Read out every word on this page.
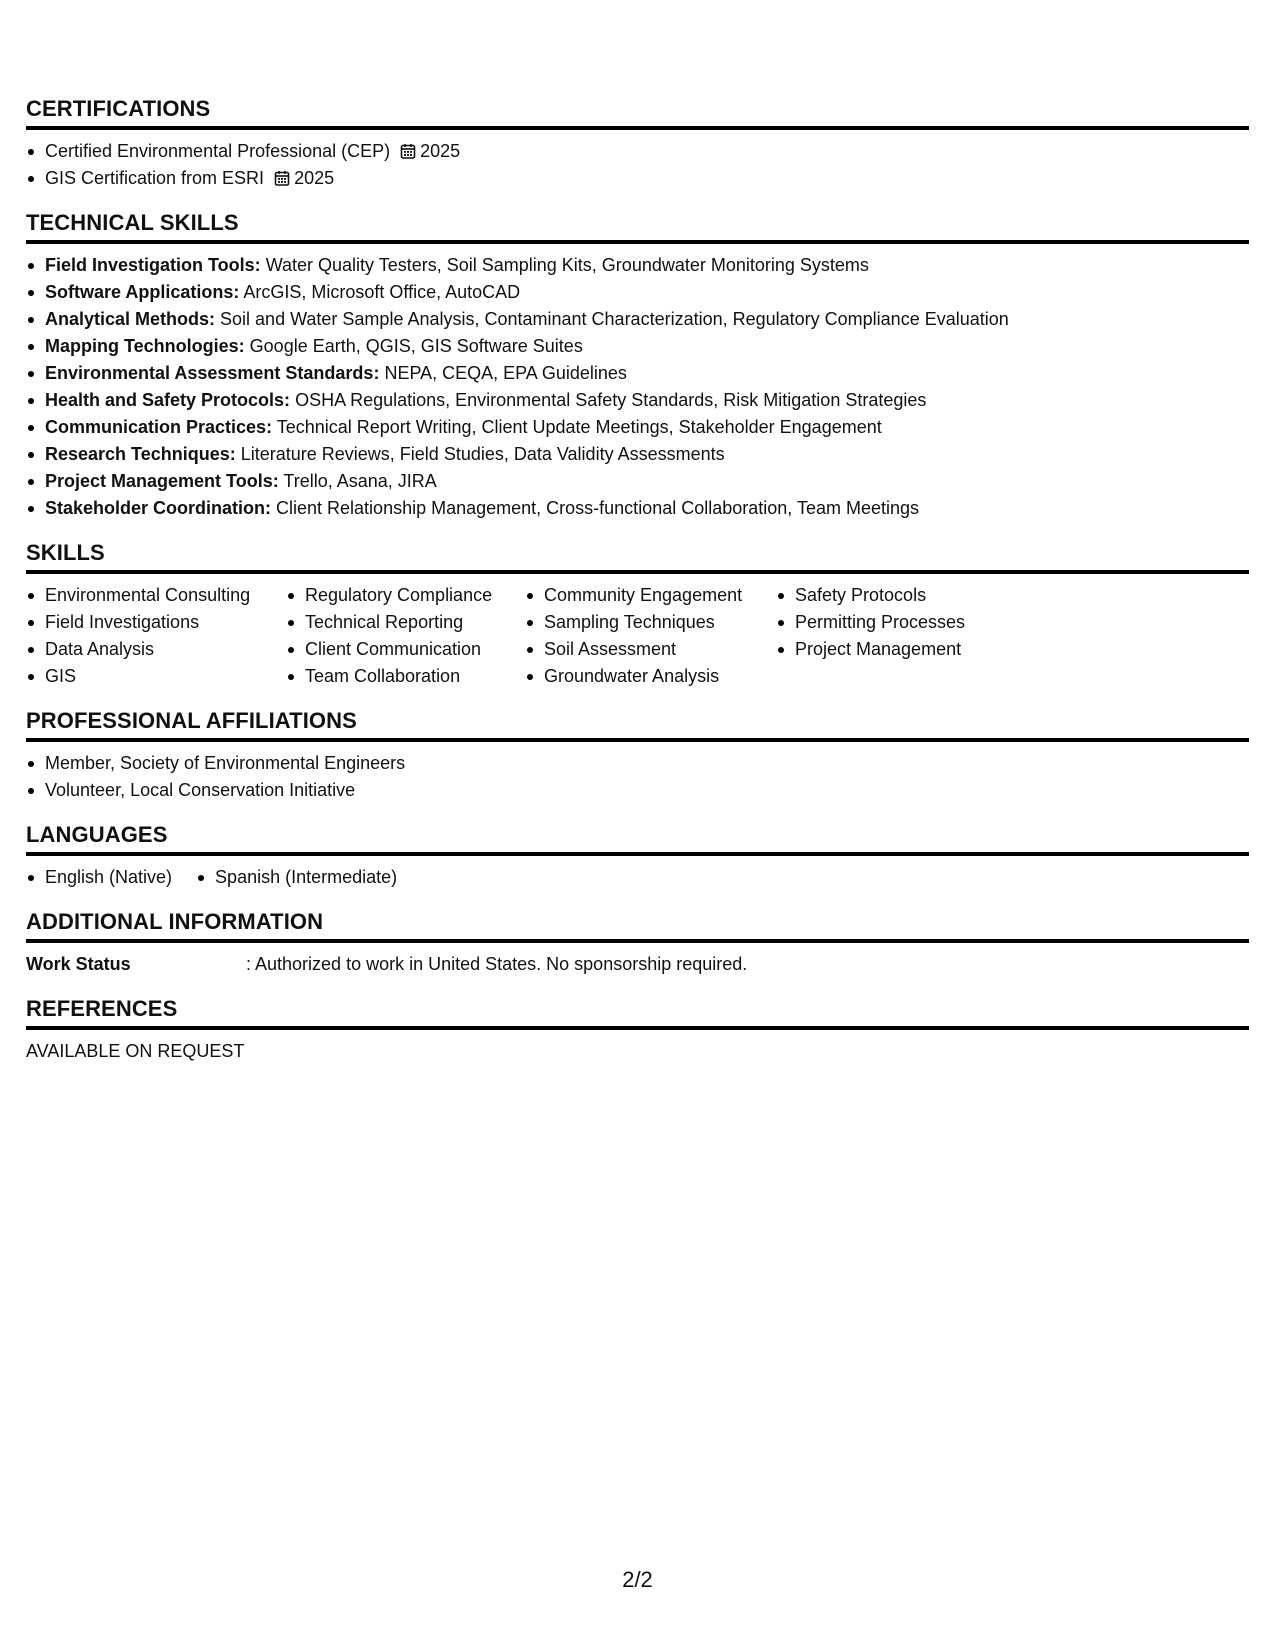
CERTIFICATIONS
Certified Environmental Professional (CEP) 2025
GIS Certification from ESRI 2025
TECHNICAL SKILLS
Field Investigation Tools: Water Quality Testers, Soil Sampling Kits, Groundwater Monitoring Systems
Software Applications: ArcGIS, Microsoft Office, AutoCAD
Analytical Methods: Soil and Water Sample Analysis, Contaminant Characterization, Regulatory Compliance Evaluation
Mapping Technologies: Google Earth, QGIS, GIS Software Suites
Environmental Assessment Standards: NEPA, CEQA, EPA Guidelines
Health and Safety Protocols: OSHA Regulations, Environmental Safety Standards, Risk Mitigation Strategies
Communication Practices: Technical Report Writing, Client Update Meetings, Stakeholder Engagement
Research Techniques: Literature Reviews, Field Studies, Data Validity Assessments
Project Management Tools: Trello, Asana, JIRA
Stakeholder Coordination: Client Relationship Management, Cross-functional Collaboration, Team Meetings
SKILLS
Environmental Consulting
Field Investigations
Data Analysis
GIS
Regulatory Compliance
Technical Reporting
Client Communication
Team Collaboration
Community Engagement
Sampling Techniques
Soil Assessment
Groundwater Analysis
Safety Protocols
Permitting Processes
Project Management
PROFESSIONAL AFFILIATIONS
Member, Society of Environmental Engineers
Volunteer, Local Conservation Initiative
LANGUAGES
English (Native)	Spanish (Intermediate)
ADDITIONAL INFORMATION
Work Status	: Authorized to work in United States. No sponsorship required.
REFERENCES
AVAILABLE ON REQUEST
2/2
